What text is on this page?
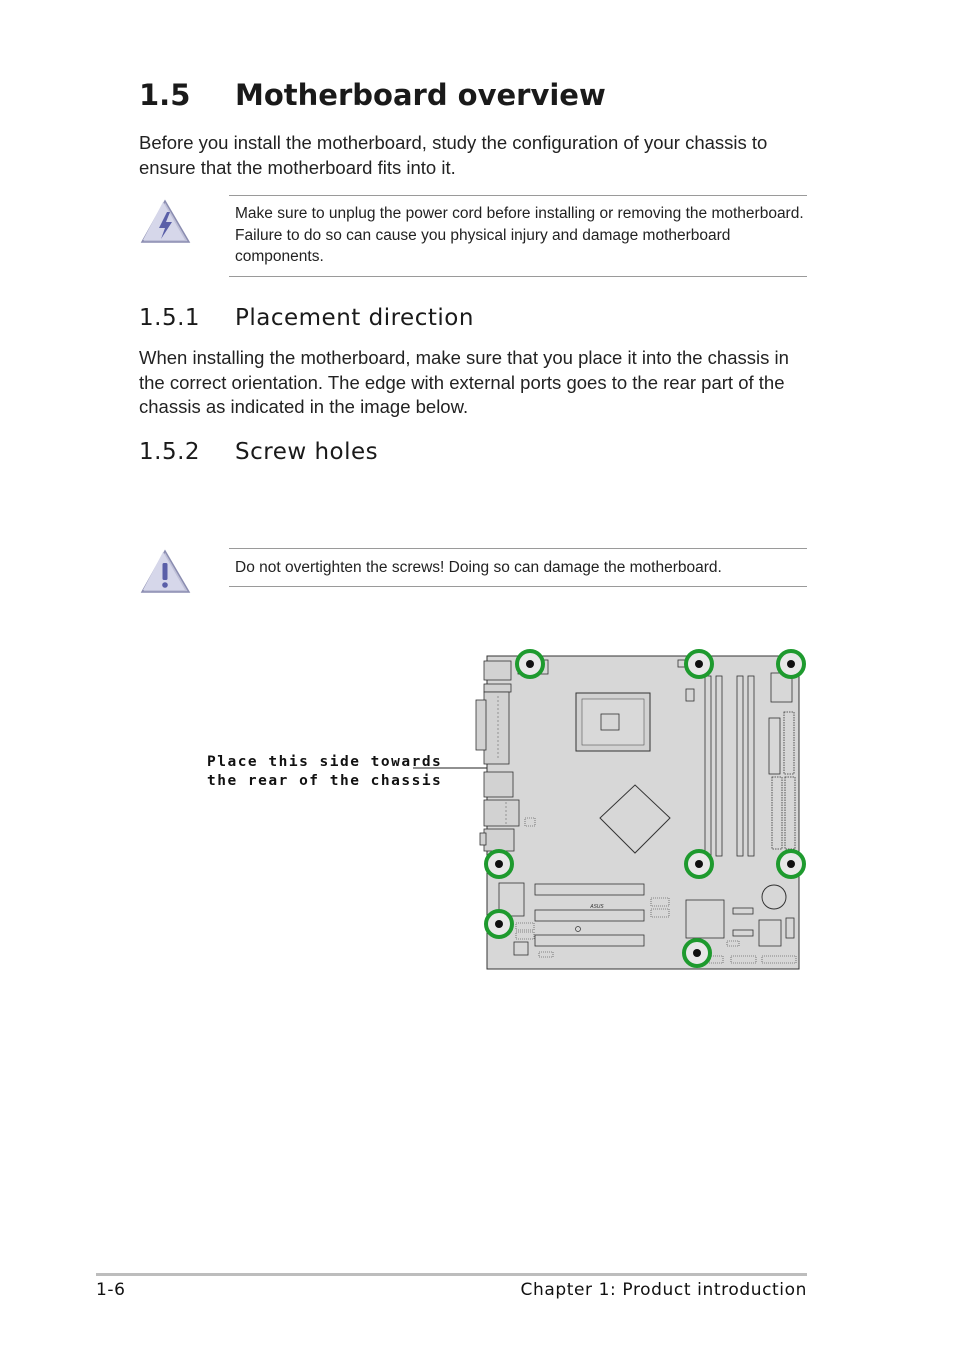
1.5 Motherboard overview

Before you install the motherboard, study the configuration of your chassis to ensure that the motherboard fits into it.

Make sure to unplug the power cord before installing or removing the motherboard. Failure to do so can cause you physical injury and damage motherboard components.
1.5.1 Placement direction

When installing the motherboard, make sure that you place it into the chassis in the correct orientation. The edge with external ports goes to the rear part of the chassis as indicated in the image below.

1.5.2 Screw holes
Do not overtighten the screws! Doing so can damage the motherboard.
Place this side towards
the rear of the chassis
ASUS
1-6	Chapter 1: Product introduction
